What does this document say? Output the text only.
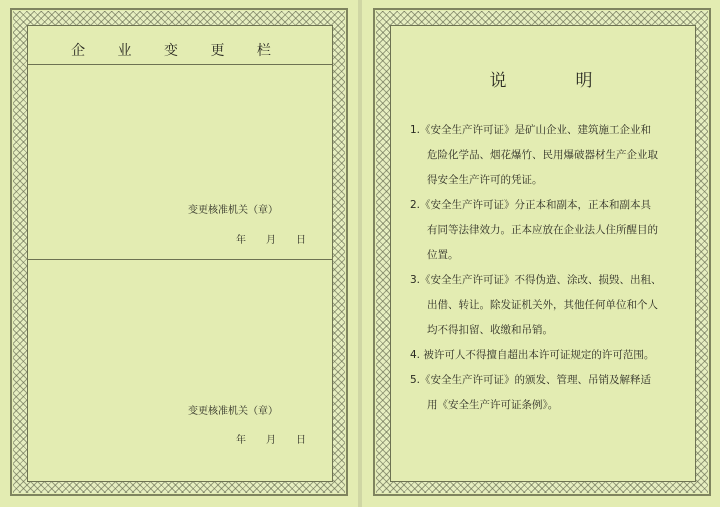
企 业 变 更 栏
变更核准机关（章）
年　　月　　日
变更核准机关（章）
年　　月　　日
说　明
1.《安全生产许可证》是矿山企业、建筑施工企业和
危险化学品、烟花爆竹、民用爆破器材生产企业取
得安全生产许可的凭证。
2.《安全生产许可证》分正本和副本，正本和副本具
有同等法律效力。正本应放在企业法人住所醒目的
位置。
3.《安全生产许可证》不得伪造、涂改、损毁、出租、
出借、转让。除发证机关外，其他任何单位和个人
均不得扣留、收缴和吊销。
4. 被许可人不得擅自超出本许可证规定的许可范围。
5.《安全生产许可证》的颁发、管理、吊销及解释适
用《安全生产许可证条例》。
